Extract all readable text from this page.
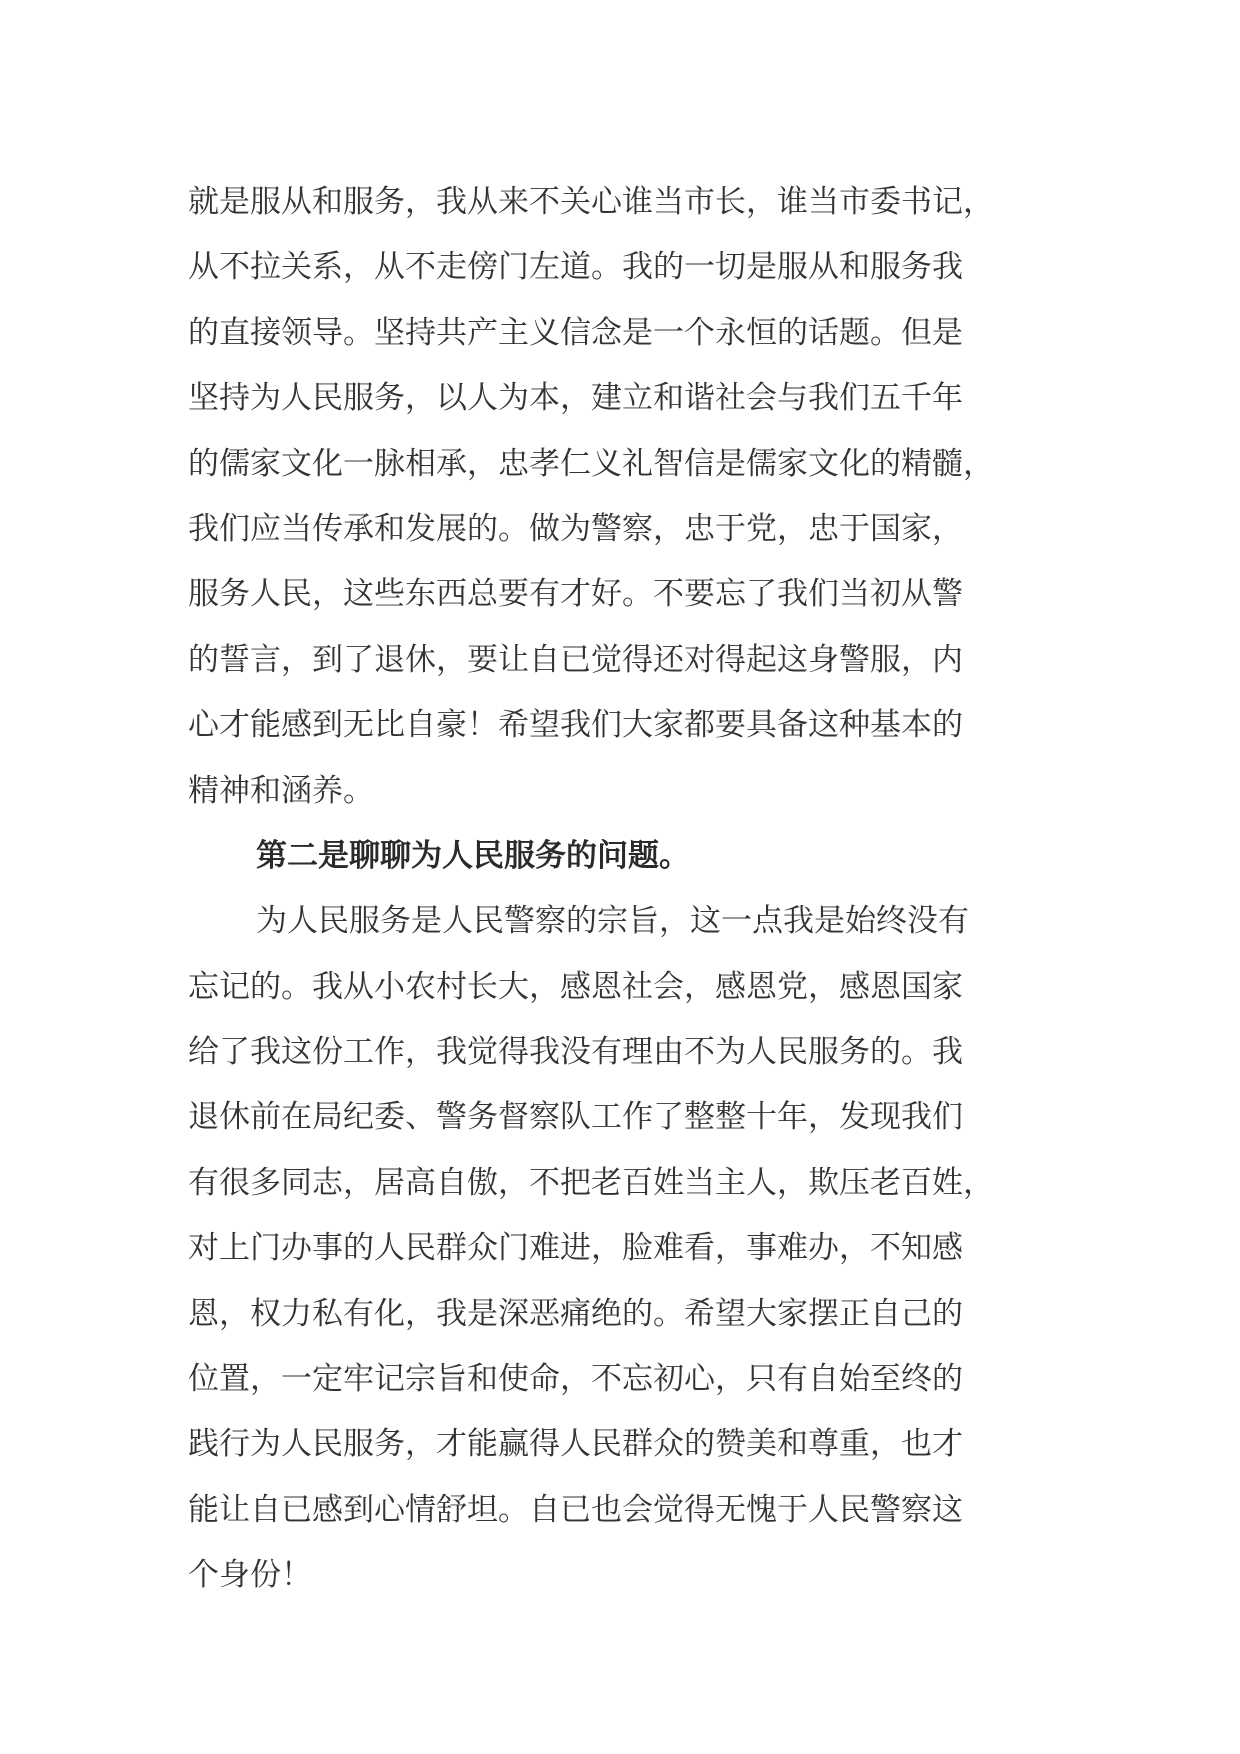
就是服从和服务，我从来不关心谁当市长，谁当市委书记，
从不拉关系，从不走傍门左道。我的一切是服从和服务我
的直接领导。坚持共产主义信念是一个永恒的话题。但是
坚持为人民服务，以人为本，建立和谐社会与我们五千年
的儒家文化一脉相承，忠孝仁义礼智信是儒家文化的精髓，
我们应当传承和发展的。做为警察，忠于党，忠于国家，
服务人民，这些东西总要有才好。不要忘了我们当初从警
的誓言，到了退休，要让自已觉得还对得起这身警服，内
心才能感到无比自豪！希望我们大家都要具备这种基本的
精神和涵养。
第二是聊聊为人民服务的问题。
为人民服务是人民警察的宗旨，这一点我是始终没有
忘记的。我从小农村长大，感恩社会，感恩党，感恩国家
给了我这份工作，我觉得我没有理由不为人民服务的。我
退休前在局纪委、警务督察队工作了整整十年，发现我们
有很多同志，居高自傲，不把老百姓当主人，欺压老百姓，
对上门办事的人民群众门难进，脸难看，事难办，不知感
恩，权力私有化，我是深恶痛绝的。希望大家摆正自己的
位置，一定牢记宗旨和使命，不忘初心，只有自始至终的
践行为人民服务，才能赢得人民群众的赞美和尊重，也才
能让自已感到心情舒坦。自已也会觉得无愧于人民警察这
个身份！
